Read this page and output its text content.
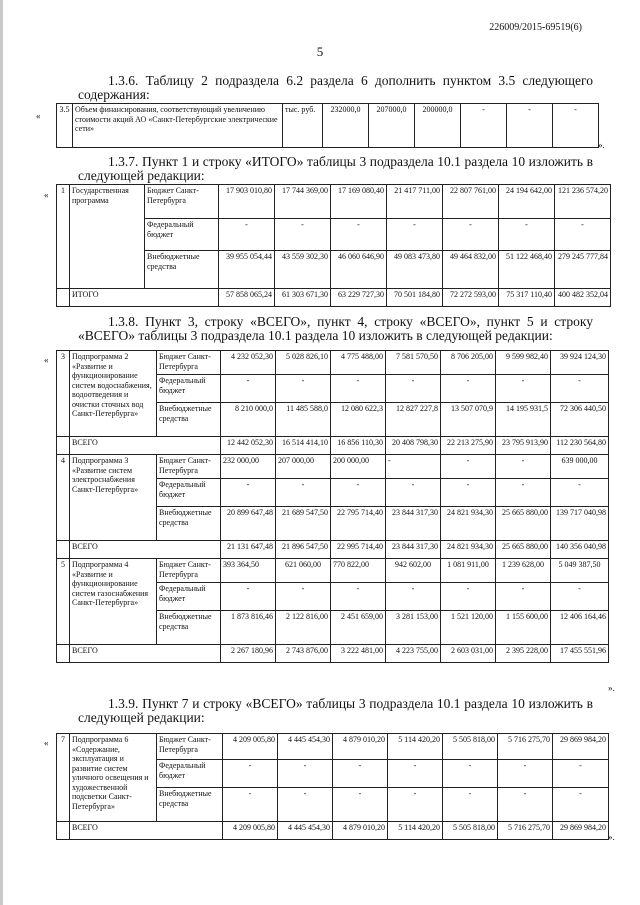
226009/2015-69519(6)
5
1.3.6. Таблицу 2 подраздела 6.2 раздела 6 дополнить пунктом 3.5 следующего содержания:
«
3.5	Объем финансирования, соответствующий увеличению стоимости акций АО «Санкт-Петербургские электрические сети»	тыс. руб.	232000,0	207000,0	200000,0	-	-	-
».
1.3.7. Пункт 1 и строку «ИТОГО» таблицы 3 подраздела 10.1 раздела 10 изложить в следующей редакции:
« 1	Государственная программа	Бюджет Санкт-Петербурга	17 903 010,80	17 744 369,00	17 169 080,40	21 417 711,00	22 807 761,00	24 194 642,00	121 236 574,20
		Федеральный бюджет	-	-	-	-	-	-	-
		Внебюджетные средства	39 955 054,44	43 559 302,30	46 060 646,90	49 083 473,80	49 464 832,00	51 122 468,40	279 245 777,84
	ИТОГО		57 858 065,24	61 303 671,30	63 229 727,30	70 501 184,80	72 272 593,00	75 317 110,40	400 482 352,04
1.3.8. Пункт 3, строку «ВСЕГО», пункт 4, строку «ВСЕГО», пункт 5 и строку «ВСЕГО» таблицы 3 подраздела 10.1 раздела 10 изложить в следующей редакции:
« 3	Подпрограмма 2 «Развитие и функционирование систем водоснабжения, водоотведения и очистки сточных вод Санкт-Петербурга»	Бюджет Санкт-Петербурга	4 232 052,30	5 028 826,10	4 775 488,00	7 581 570,50	8 706 205,00	9 599 982,40	39 924 124,30
		Федеральный бюджет	-	-	-	-	-	-	-
		Внебюджетные средства	8 210 000,0	11 485 588,0	12 080 622,3	12 827 227,8	13 507 070,9	14 195 931,5	72 306 440,50
	ВСЕГО		12 442 052,30	16 514 414,10	16 856 110,30	20 408 798,30	22 213 275,90	23 795 913,90	112 230 564,80
4	Подпрограмма 3 «Развитие систем электроснабжения Санкт-Петербурга»	Бюджет Санкт-Петербурга	232 000,00	207 000,00	200 000,00	-	-	-	639 000,00
		Федеральный бюджет	-	-	-	-	-	-	-
		Внебюджетные средства	20 899 647,48	21 689 547,50	22 795 714,40	23 844 317,30	24 821 934,30	25 665 880,00	139 717 040,98
	ВСЕГО		21 131 647,48	21 896 547,50	22 995 714,40	23 844 317,30	24 821 934,30	25 665 880,00	140 356 040,98
5	Подпрограмма 4 «Развитие и функционирование систем газоснабжения Санкт-Петербурга»	Бюджет Санкт-Петербурга	393 364,50	621 060,00	770 822,00	942 602,00	1 081 911,00	1 239 628,00	5 049 387,50
		Федеральный бюджет	-	-	-	-	-	-	-
		Внебюджетные средства	1 873 816,46	2 122 816,00	2 451 659,00	3 281 153,00	1 521 120,00	1 155 600,00	12 406 164,46
	ВСЕГО		2 267 180,96	2 743 876,00	3 222 481,00	4 223 755,00	2 603 031,00	2 395 228,00	17 455 551,96
».
1.3.9. Пункт 7 и строку «ВСЕГО» таблицы 3 подраздела 10.1 раздела 10 изложить в следующей редакции:
« 7	Подпрограмма 6 «Содержание, эксплуатация и развитие систем уличного освещения и художественной подсветки Санкт-Петербурга»	Бюджет Санкт-Петербурга	4 209 005,80	4 445 454,30	4 879 010,20	5 114 420,20	5 505 818,00	5 716 275,70	29 869 984,20
		Федеральный бюджет	-	-	-	-	-	-	-
		Внебюджетные средства	-	-	-	-	-	-	-
	ВСЕГО		4 209 005,80	4 445 454,30	4 879 010,20	5 114 420,20	5 505 818,00	5 716 275,70	29 869 984,20
».
